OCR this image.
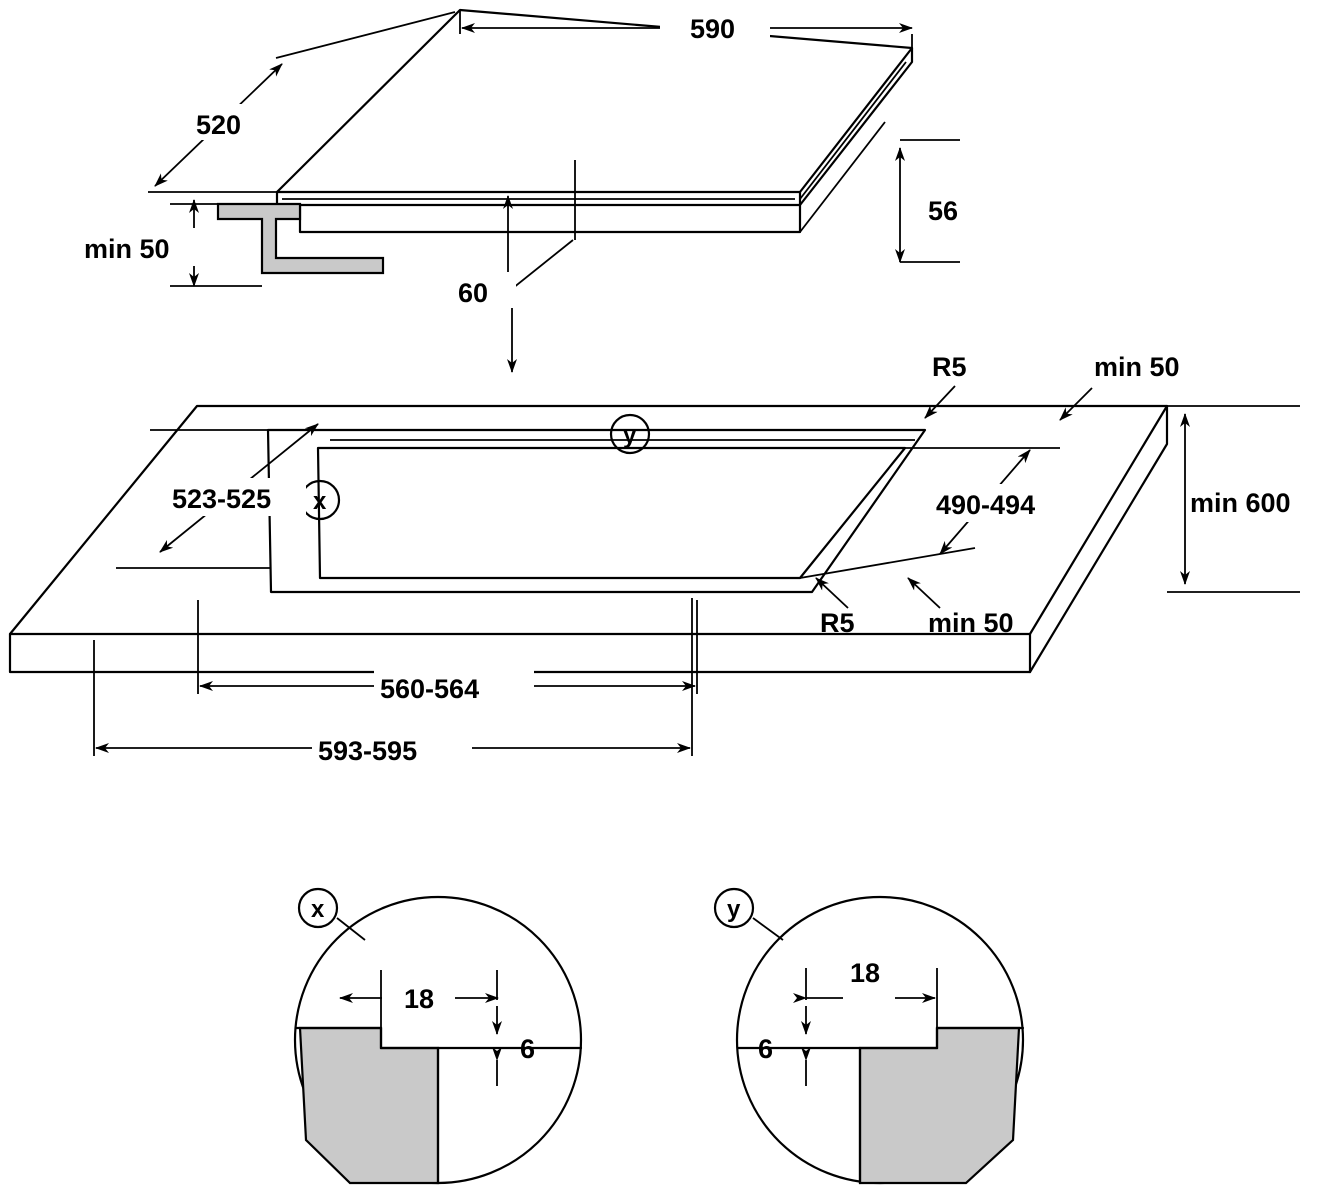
590
520
56
60
min 50
y
x
523-525	490-494
560-564
593-595
R5
R5
min 50
min 50
min 600
x
18
6
y
18
6
